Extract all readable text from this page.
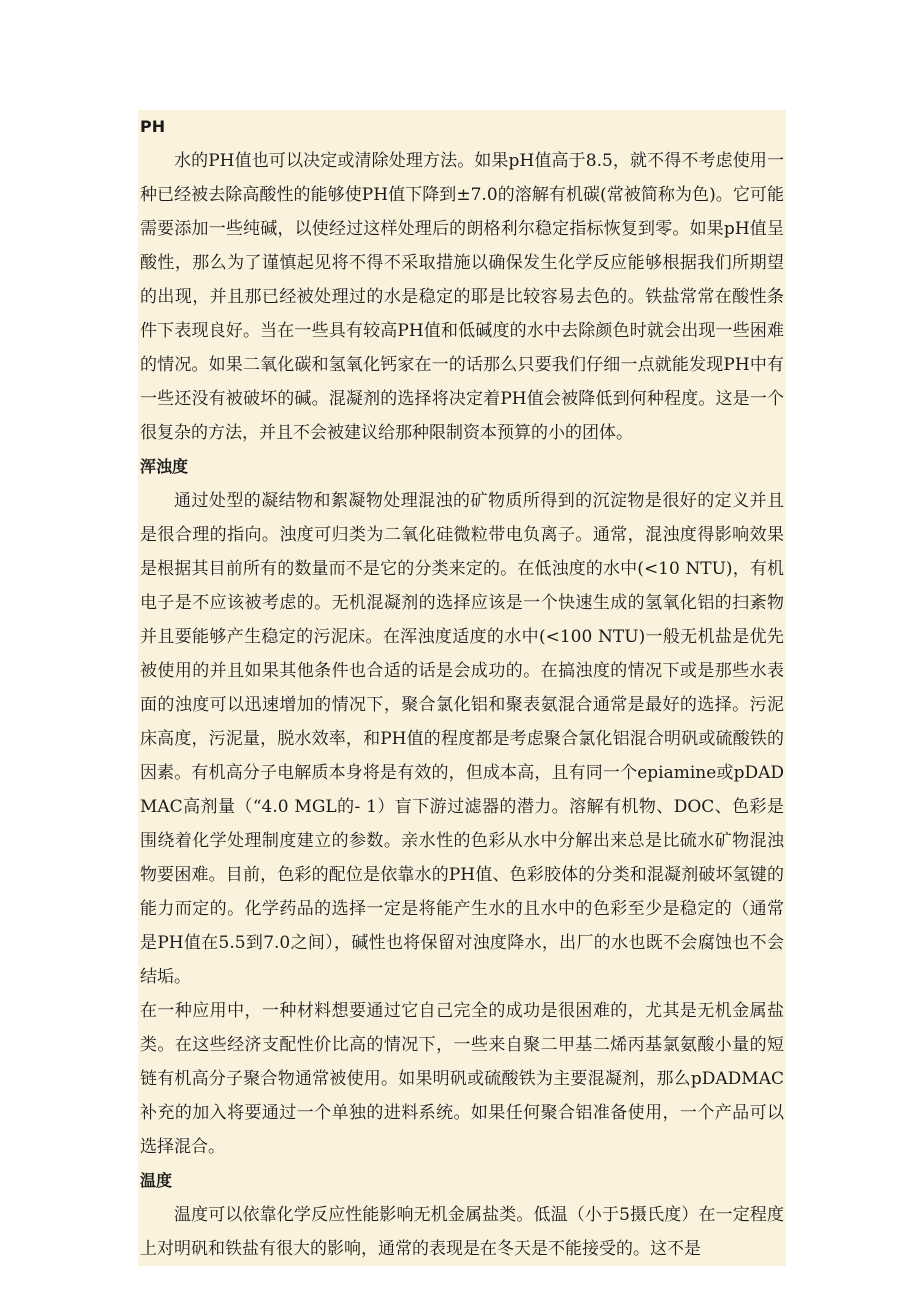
PH

水的PH值也可以决定或清除处理方法。如果pH值高于8.5，就不得不考虑使用一种已经被去除高酸性的能够使PH值下降到±7.0的溶解有机碳(常被简称为色)。它可能需要添加一些纯碱，以使经过这样处理后的朗格利尔稳定指标恢复到零。如果pH值呈酸性，那么为了谨慎起见将不得不采取措施以确保发生化学反应能够根据我们所期望的出现，并且那已经被处理过的水是稳定的耶是比较容易去色的。铁盐常常在酸性条件下表现良好。当在一些具有较高PH值和低碱度的水中去除颜色时就会出现一些困难的情况。如果二氧化碳和氢氧化钙家在一的话那么只要我们仔细一点就能发现PH中有一些还没有被破坏的碱。混凝剂的选择将决定着PH值会被降低到何种程度。这是一个很复杂的方法，并且不会被建议给那种限制资本预算的小的团体。

浑浊度

通过处型的凝结物和絮凝物处理混浊的矿物质所得到的沉淀物是很好的定义并且是很合理的指向。浊度可归类为二氧化硅微粒带电负离子。通常，混浊度得影响效果是根据其目前所有的数量而不是它的分类来定的。在低浊度的水中(<10 NTU)，有机电子是不应该被考虑的。无机混凝剂的选择应该是一个快速生成的氢氧化铝的扫紊物并且要能够产生稳定的污泥床。在浑浊度适度的水中(<100 NTU)一般无机盐是优先被使用的并且如果其他条件也合适的话是会成功的。在搞浊度的情况下或是那些水表面的浊度可以迅速增加的情况下，聚合氯化铝和聚表氨混合通常是最好的选择。污泥床高度，污泥量，脱水效率，和PH值的程度都是考虑聚合氯化铝混合明矾或硫酸铁的因素。有机高分子电解质本身将是有效的，但成本高，且有同一个epiamine或pDADMAC高剂量（“4.0 MGL的- 1）盲下游过滤器的潜力。溶解有机物、DOC、色彩是围绕着化学处理制度建立的参数。亲水性的色彩从水中分解出来总是比硫水矿物混浊物要困难。目前，色彩的配位是依靠水的PH值、色彩胶体的分类和混凝剂破坏氢键的能力而定的。化学药品的选择一定是将能产生水的且水中的色彩至少是稳定的（通常是PH值在5.5到7.0之间），碱性也将保留对浊度降水，出厂的水也既不会腐蚀也不会结垢。

在一种应用中，一种材料想要通过它自己完全的成功是很困难的，尤其是无机金属盐类。在这些经济支配性价比高的情况下，一些来自聚二甲基二烯丙基氯氨酸小量的短链有机高分子聚合物通常被使用。如果明矾或硫酸铁为主要混凝剂，那么pDADMAC补充的加入将要通过一个单独的进料系统。如果任何聚合铝准备使用，一个产品可以选择混合。

温度

温度可以依靠化学反应性能影响无机金属盐类。低温（小于5摄氏度）在一定程度上对明矾和铁盐有很大的影响，通常的表现是在冬天是不能接受的。这不是
